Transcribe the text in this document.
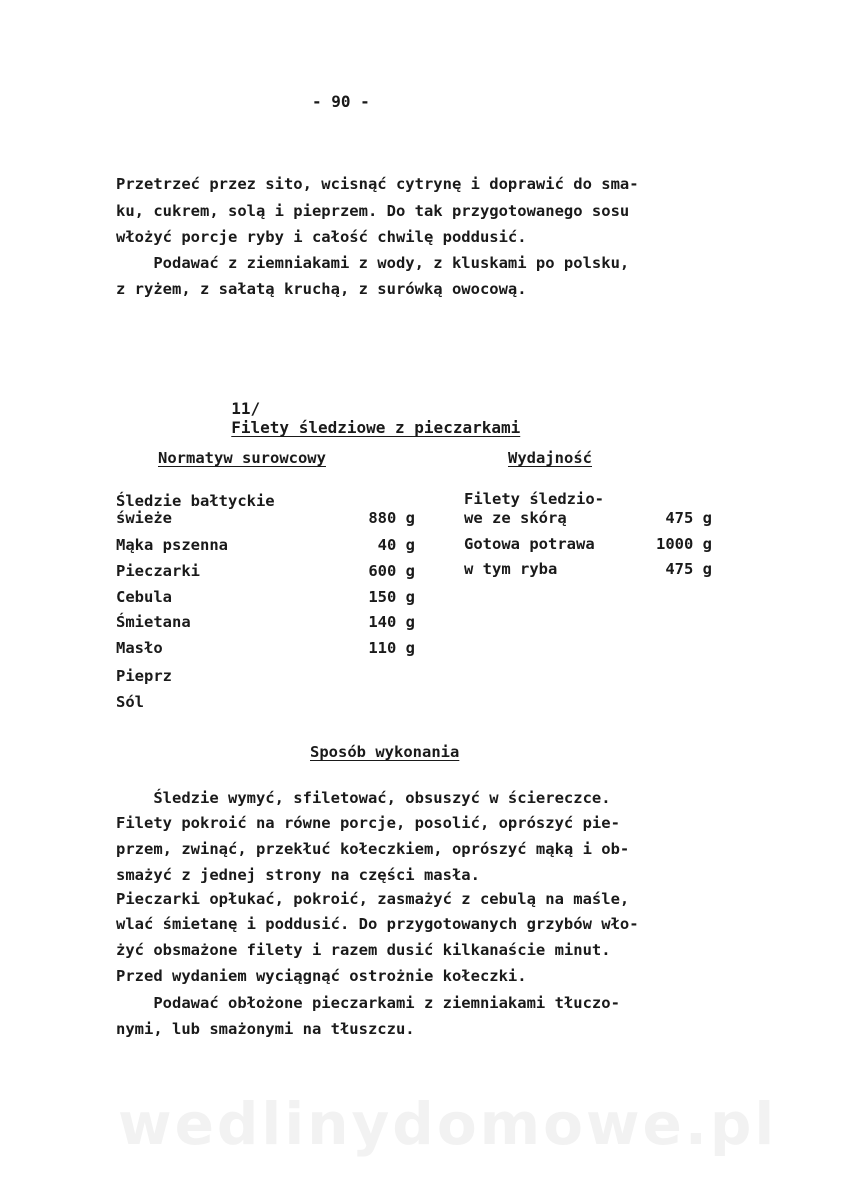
- 90 -
Przetrzeć przez sito, wcisnąć cytrynę i doprawić do sma-
ku, cukrem, solą i pieprzem. Do tak przygotowanego sosu
włożyć porcje ryby i całość chwilę poddusić.
Podawać z ziemniakami z wody, z kluskami po polsku,
z ryżem, z sałatą kruchą, z surówką owocową.

11/
Filety śledziowe z pieczarkami

Normatyw surowcowy	Wydajność
Śledzie bałtyckie
świeże	880 g
Mąka pszenna	40 g
Pieczarki	600 g
Cebula	150 g
Śmietana	140 g
Masło	110 g
Pieprz
Sól
Filety śledzio-
we ze skórą	475 g
Gotowa potrawa	1000 g
w tym ryba	475 g
Sposób wykonania
Śledzie wymyć, sfiletować, obsuszyć w ściereczce.
Filety pokroić na równe porcje, posolić, oprószyć pie-
przem, zwinąć, przekłuć kołeczkiem, oprószyć mąką i ob-
smażyć z jednej strony na części masła.
Pieczarki opłukać, pokroić, zasmażyć z cebulą na maśle,
wlać śmietanę i poddusić. Do przygotowanych grzybów wło-
żyć obsmażone filety i razem dusić kilkanaście minut.
Przed wydaniem wyciągnąć ostrożnie kołeczki.
Podawać obłożone pieczarkami z ziemniakami tłuczo-
nymi, lub smażonymi na tłuszczu.
wedlinydomowe.pl
